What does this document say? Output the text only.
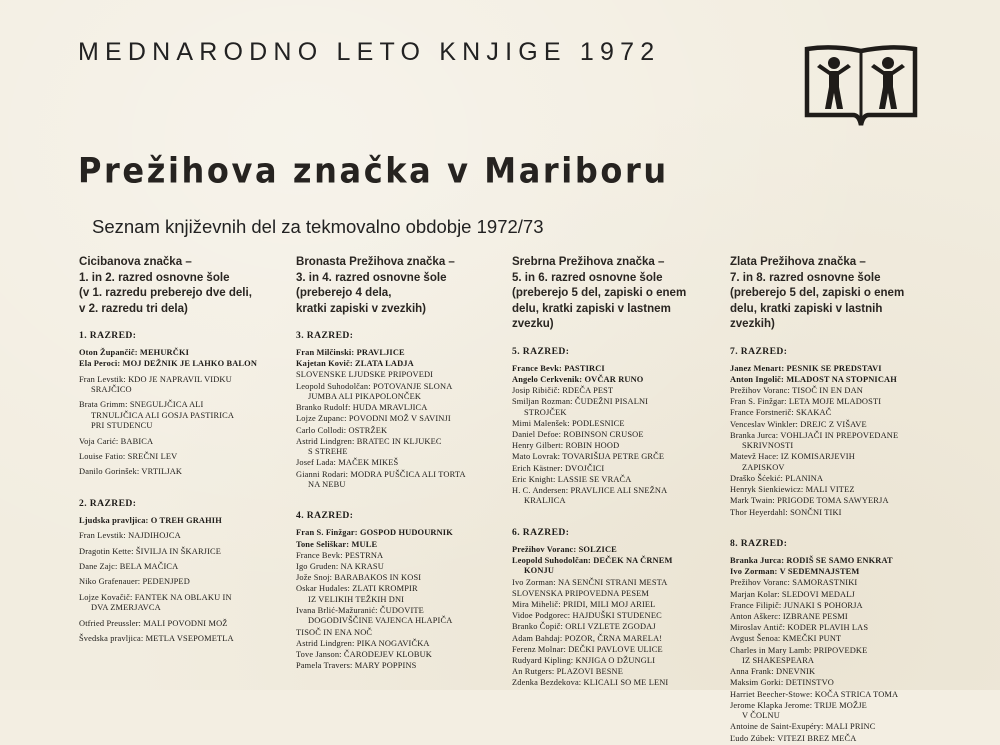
MEDNARODNO LETO KNJIGE 1972
Prežihova značka v Mariboru
Seznam književnih del za tekmovalno obdobje 1972/73
Cicibanova značka –
1. in 2. razred osnovne šole
(v 1. razredu preberejo dve deli,
v 2. razredu tri dela)
1. RAZRED:
Oton Župančič: MEHURČKI
Ela Peroci: MOJ DEŽNIK JE LAHKO BALON
Fran Levstik: KDO JE NAPRAVIL VIDKU
SRAJČICO
Brata Grimm: SNEGULJČICA ALI
TRNULJČICA ALI GOSJA PASTIRICA
PRI STUDENCU
Voja Carić: BABICA
Louise Fatio: SREČNI LEV
Danilo Gorinšek: VRTILJAK
2. RAZRED:
Ljudska pravljica: O TREH GRAHIH
Fran Levstik: NAJDIHOJCA
Dragotin Kette: ŠIVILJA IN ŠKARJICE
Dane Zajc: BELA MAČICA
Niko Grafenauer: PEDENJPED
Lojze Kovačič: FANTEK NA OBLAKU IN
DVA ZMERJAVCA
Otfried Preussler: MALI POVODNI MOŽ
Švedska pravljica: METLA VSEPOMETLA
Bronasta Prežihova značka –
3. in 4. razred osnovne šole
(preberejo 4 dela,
kratki zapiski v zvezkih)
3. RAZRED:
Fran Milčinski: PRAVLJICE
Kajetan Kovič: ZLATA LADJA
SLOVENSKE LJUDSKE PRIPOVEDI
Leopold Suhodolčan: POTOVANJE SLONA
JUMBA ALI PIKAPOLONČEK
Branko Rudolf: HUDA MRAVLJICA
Lojze Zupanc: POVODNI MOŽ V SAVINJI
Carlo Collodi: OSTRŽEK
Astrid Lindgren: BRATEC IN KLJUKEC
S STREHE
Josef Lada: MAČEK MIKEŠ
Gianni Rodari: MODRA PUŠČICA ALI TORTA
NA NEBU
4. RAZRED:
Fran S. Finžgar: GOSPOD HUDOURNIK
Tone Seliškar: MULE
France Bevk: PESTRNA
Igo Gruden: NA KRASU
Jože Snoj: BARABAKOS IN KOSI
Oskar Hudales: ZLATI KROMPIR
IZ VELIKIH TEŽKIH DNI
Ivana Brlić-Mažuranić: ČUDOVITE
DOGODIVŠČINE VAJENCA HLAPIČA
TISOČ IN ENA NOČ
Astrid Lindgren: PIKA NOGAVIČKA
Tove Janson: ČARODEJEV KLOBUK
Pamela Travers: MARY POPPINS
Srebrna Prežihova značka –
5. in 6. razred osnovne šole
(preberejo 5 del, zapiski o enem
delu, kratki zapiski v lastnem
zvezku)
5. RAZRED:
France Bevk: PASTIRCI
Angelo Cerkvenik: OVČAR RUNO
Josip Ribičič: RDEČA PEST
Smiljan Rozman: ČUDEŽNI PISALNI
STROJČEK
Mimi Malenšek: PODLESNICE
Daniel Defoe: ROBINSON CRUSOE
Henry Gilbert: ROBIN HOOD
Mato Lovrak: TOVARIŠIJA PETRE GRČE
Erich Kästner: DVOJČICI
Eric Knight: LASSIE SE VRAČA
H. C. Andersen: PRAVLJICE ALI SNEŽNA
KRALJICA
6. RAZRED:
Prežihov Voranc: SOLZICE
Leopold Suhodolčan: DEČEK NA ČRNEM
KONJU
Ivo Zorman: NA SENČNI STRANI MESTA
SLOVENSKA PRIPOVEDNA PESEM
Mira Mihelič: PRIDI, MILI MOJ ARIEL
Vidoe Podgorec: HAJDUŠKI STUDENEC
Branko Čopič: ORLI VZLETE ZGODAJ
Adam Bahdaj: POZOR, ČRNA MARELA!
Ferenz Molnar: DEČKI PAVLOVE ULICE
Rudyard Kipling: KNJIGA O DŽUNGLI
An Rutgers: PLAZOVI BESNE
Zdenka Bezdekova: KLICALI SO ME LENI
Zlata Prežihova značka –
7. in 8. razred osnovne šole
(preberejo 5 del, zapiski o enem
delu, kratki zapiski v lastnih
zvezkih)
7. RAZRED:
Janez Menart: PESNIK SE PREDSTAVI
Anton Ingolič: MLADOST NA STOPNICAH
Prežihov Voranc: TISOČ IN EN DAN
Fran S. Finžgar: LETA MOJE MLADOSTI
France Forstnerič: SKAKAČ
Venceslav Winkler: DREJC Z VIŠAVE
Branka Jurca: VOHLJAČI IN PREPOVEDANE
SKRIVNOSTI
Matevž Hace: IZ KOMISARJEVIH
ZAPISKOV
Draško Šćekić: PLANINA
Henryk Sienkiewicz: MALI VITEZ
Mark Twain: PRIGODE TOMA SAWYERJA
Thor Heyerdahl: SONČNI TIKI
8. RAZRED:
Branka Jurca: RODIŠ SE SAMO ENKRAT
Ivo Zorman: V SEDEMNAJSTEM
Prežihov Voranc: SAMORASTNIKI
Marjan Kolar: SLEDOVI MEDALJ
France Filipič: JUNAKI S POHORJA
Anton Aškerc: IZBRANE PESMI
Miroslav Antič: KODER PLAVIH LAS
Avgust Šenoa: KMEČKI PUNT
Charles in Mary Lamb: PRIPOVEDKE
IZ SHAKESPEARA
Anna Frank: DNEVNIK
Maksim Gorki: DETINSTVO
Harriet Beecher-Stowe: KOČA STRICA TOMA
Jerome Klapka Jerome: TRIJE MOŽJE
V ČOLNU
Antoine de Saint-Exupéry: MALI PRINC
Ľudo Zúbek: VITEZI BREZ MEČA
